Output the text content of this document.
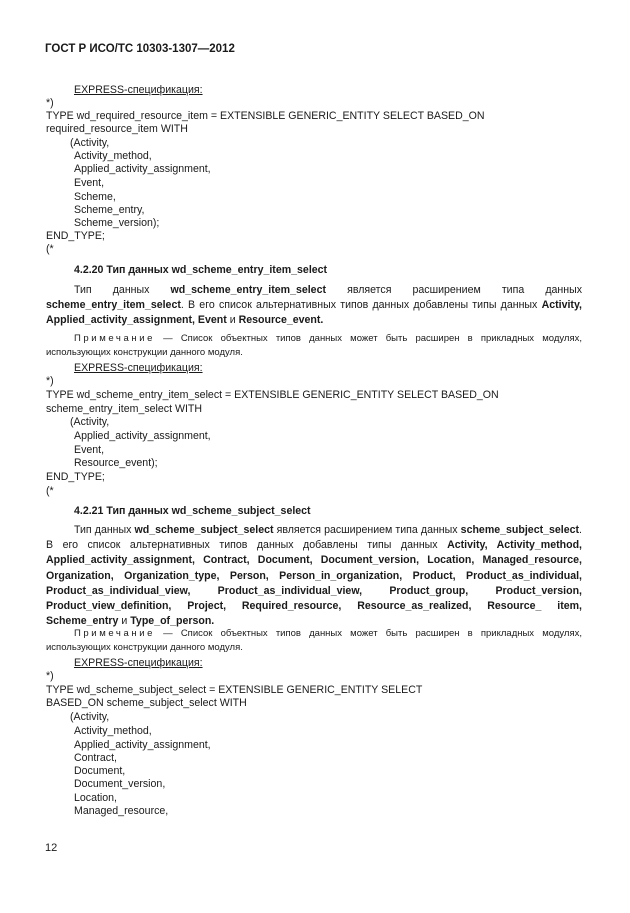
ГОСТ Р ИСО/ТС 10303-1307—2012
EXPRESS-спецификация:
*)
TYPE wd_required_resource_item = EXTENSIBLE GENERIC_ENTITY SELECT BASED_ON
required_resource_item WITH
(Activity,
Activity_method,
Applied_activity_assignment,
Event,
Scheme,
Scheme_entry,
Scheme_version);
END_TYPE;
(*
4.2.20 Тип данных wd_scheme_entry_item_select
Тип данных wd_scheme_entry_item_select является расширением типа данных scheme_entry_item_select. В его список альтернативных типов данных добавлены типы данных Activity, Applied_activity_assignment, Event и Resource_event.
Примечание — Список объектных типов данных может быть расширен в прикладных модулях, использующих конструкции данного модуля.
EXPRESS-спецификация:
*)
TYPE wd_scheme_entry_item_select = EXTENSIBLE GENERIC_ENTITY SELECT BASED_ON
scheme_entry_item_select WITH
(Activity,
Applied_activity_assignment,
Event,
Resource_event);
END_TYPE;
(*
4.2.21 Тип данных wd_scheme_subject_select
Тип данных wd_scheme_subject_select является расширением типа данных scheme_subject_select. В его список альтернативных типов данных добавлены типы данных Activity, Activity_method, Applied_activity_assignment, Contract, Document, Document_version, Location, Managed_resource, Organization, Organization_type, Person, Person_in_organization, Product, Product_as_individual, Product_as_individual_view, Product_as_individual_view, Product_group, Product_version, Product_view_definition, Project, Required_resource, Resource_as_realized, Resource_ item, Scheme_entry и Type_of_person.
Примечание — Список объектных типов данных может быть расширен в прикладных модулях, использующих конструкции данного модуля.
EXPRESS-спецификация:
*)
TYPE wd_scheme_subject_select = EXTENSIBLE GENERIC_ENTITY SELECT
BASED_ON scheme_subject_select WITH
(Activity,
Activity_method,
Applied_activity_assignment,
Contract,
Document,
Document_version,
Location,
Managed_resource,
12
